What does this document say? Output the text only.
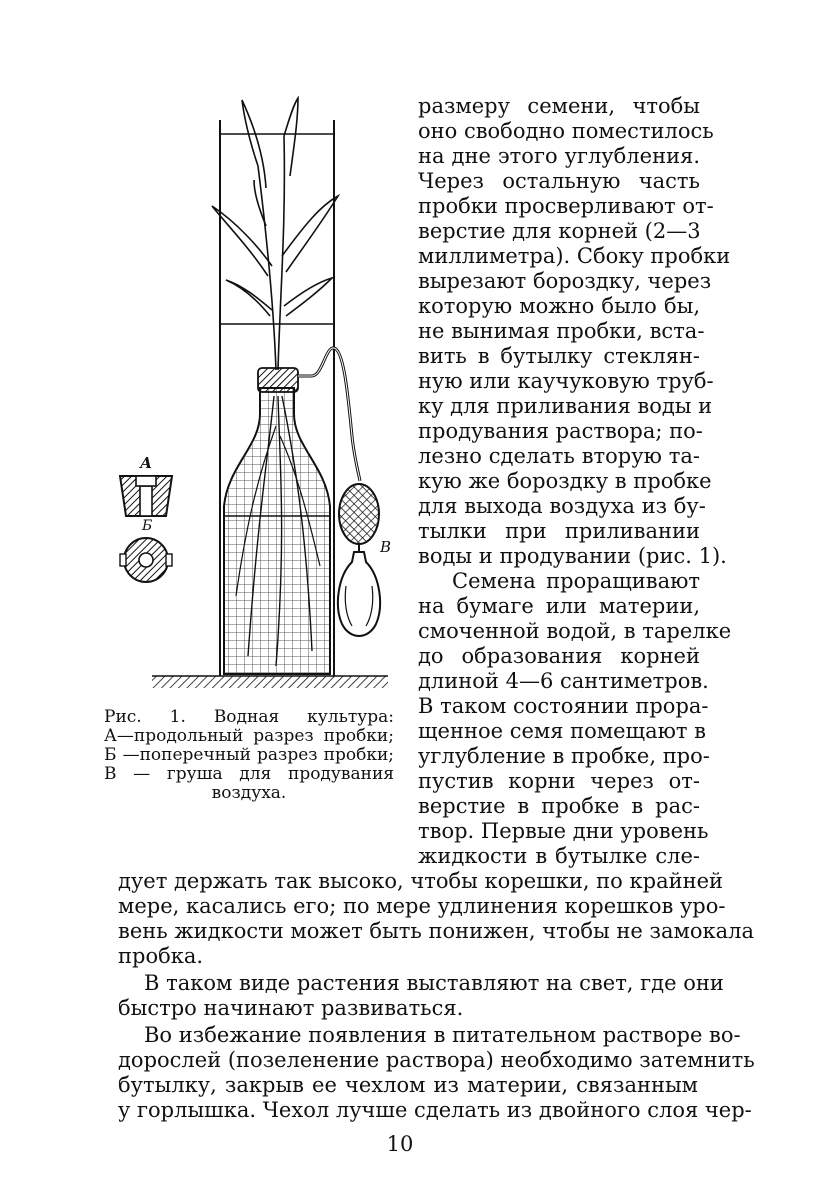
В
А
Б
Рис. 1. Водная культура:
А—продольный разрез пробки;
Б —поперечный разрез пробки;
В — груша для продувания
воздуха.
размеру семени, чтобы
оно свободно поместилось
на дне этого углубления.
Через остальную часть
пробки просверливают от-
верстие для корней (2—3
миллиметра). Сбоку пробки
вырезают бороздку, через
которую можно было бы,
не вынимая пробки, вста-
вить в бутылку стеклян-
ную или каучуковую труб-
ку для приливания воды и
продувания раствора; по-
лезно сделать вторую та-
кую же бороздку в пробке
для выхода воздуха из бу-
тылки при приливании
воды и продувании (рис. 1).
Семена проращивают
на бумаге или материи,
смоченной водой, в тарелке
до образования корней
длиной 4—6 сантиметров.
В таком состоянии прора-
щенное семя помещают в
углубление в пробке, про-
пустив корни через от-
верстие в пробке в рас-
твор. Первые дни уровень
жидкости в бутылке сле-
дует держать так высоко, чтобы корешки, по крайней
мере, касались его; по мере удлинения корешков уро-
вень жидкости может быть понижен, чтобы не замокала
пробка.
В таком виде растения выставляют на свет, где они
быстро начинают развиваться.
Во избежание появления в питательном растворе во-
дорослей (позеленение раствора) необходимо затемнить
бутылку, закрыв ее чехлом из материи, связанным
у горлышка. Чехол лучше сделать из двойного слоя чер-
10
